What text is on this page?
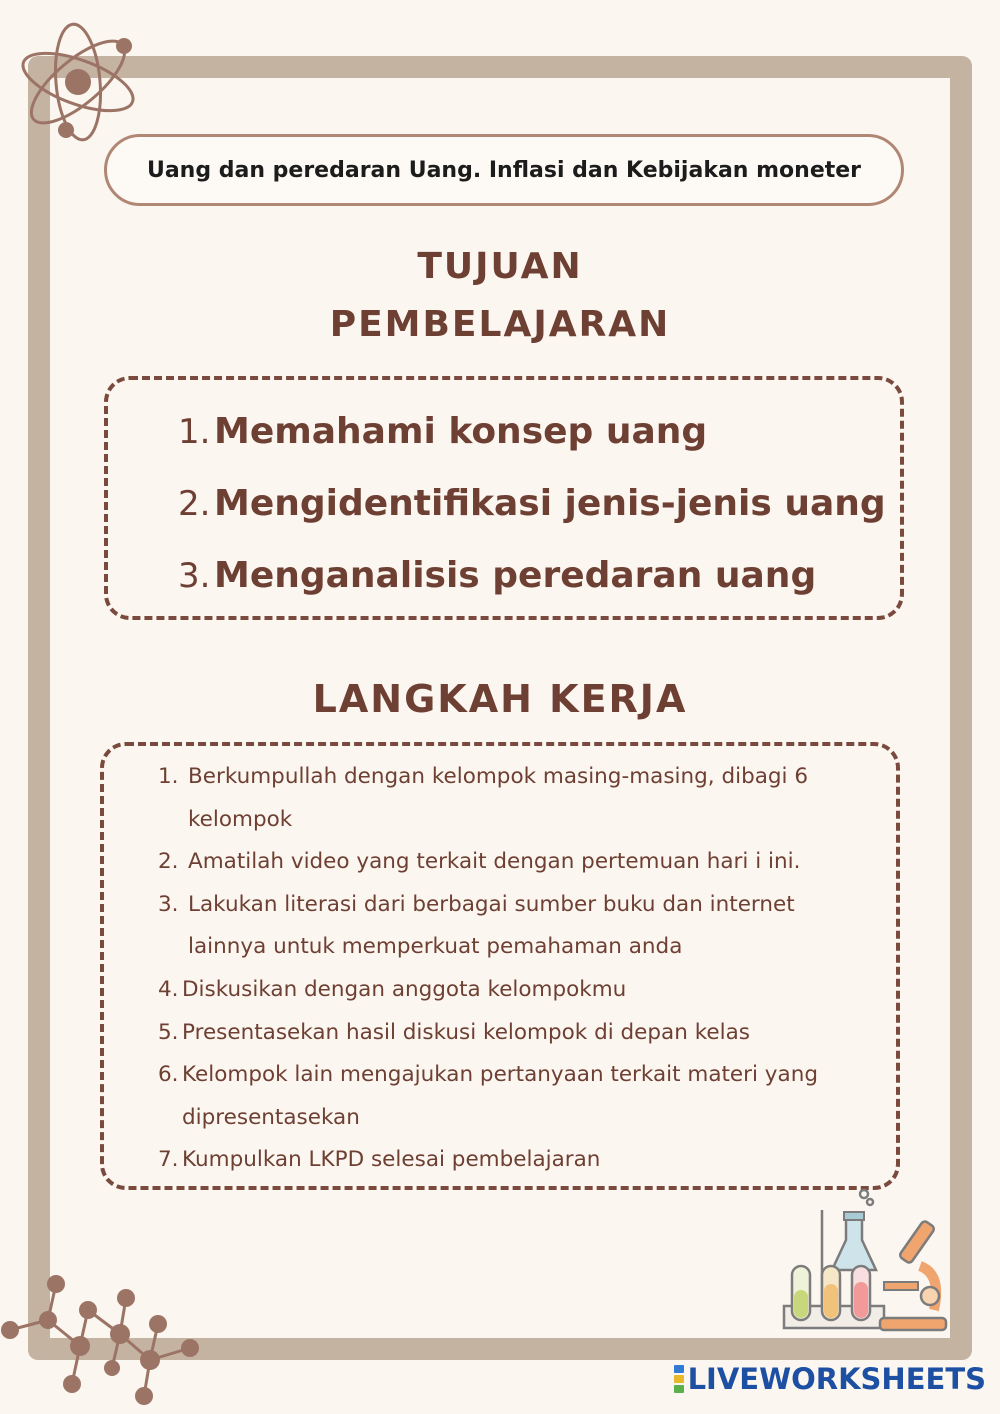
Uang dan peredaran Uang. Inflasi dan Kebijakan moneter
TUJUAN
PEMBELAJARAN
1. Memahami konsep uang
2. Mengidentifikasi jenis-jenis uang
3. Menganalisis peredaran uang
LANGKAH KERJA
1. Berkumpullah dengan kelompok masing-masing, dibagi 6 kelompok
2. Amatilah video yang terkait dengan pertemuan hari i ini.
3. Lakukan literasi dari berbagai sumber buku dan internet lainnya untuk memperkuat pemahaman anda
4. Diskusikan dengan anggota kelompokmu
5. Presentasekan hasil diskusi kelompok di depan kelas
6. Kelompok lain mengajukan pertanyaan terkait materi yang dipresentasekan
7. Kumpulkan LKPD selesai pembelajaran
LIVEWORKSHEETS
